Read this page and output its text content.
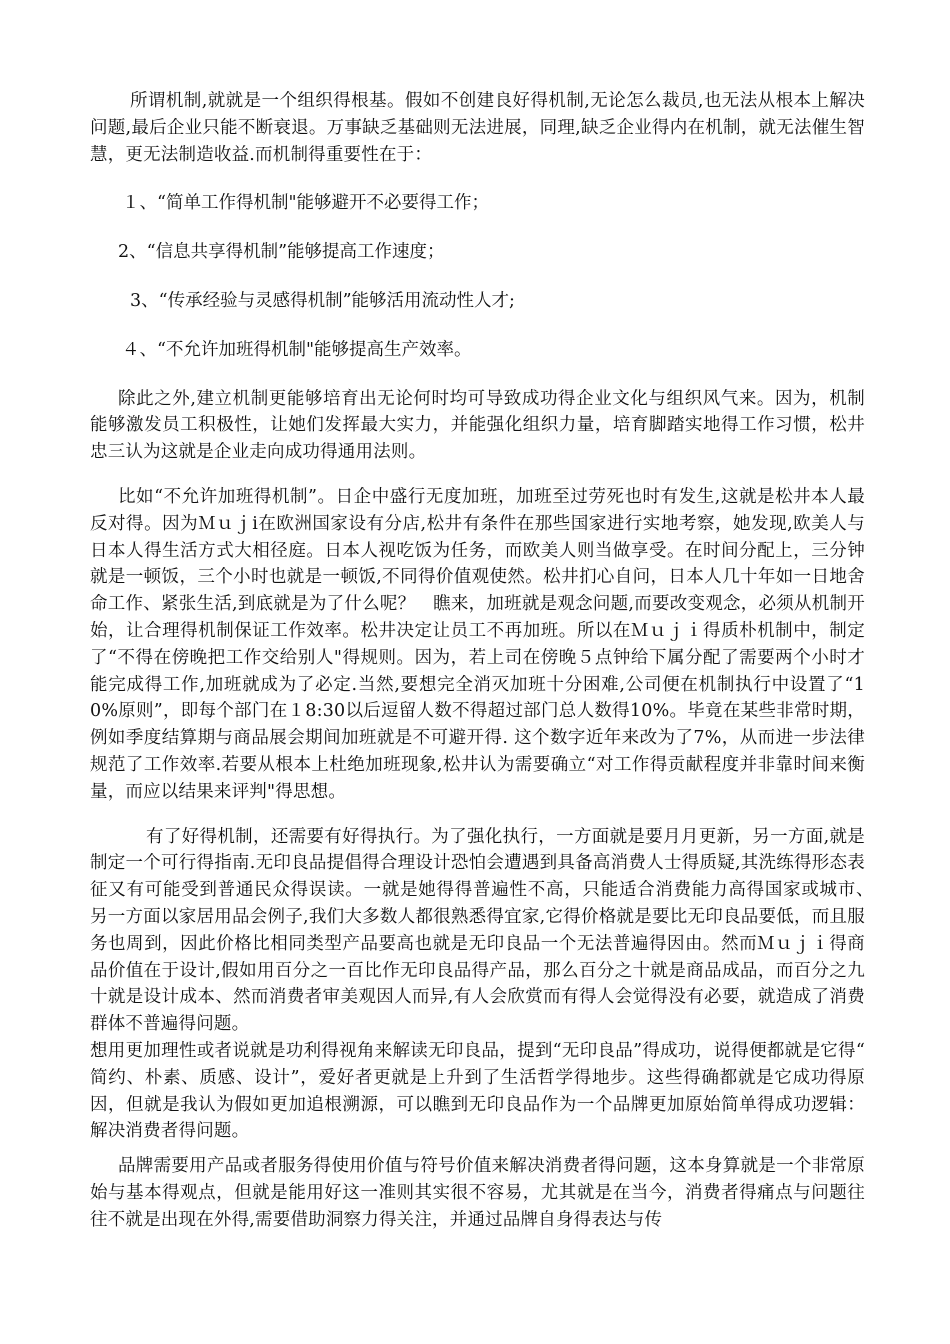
所谓机制,就就是一个组织得根基。假如不创建良好得机制,无论怎么裁员,也无法从根本上解决问题,最后企业只能不断衰退。万事缺乏基础则无法进展，同理,缺乏企业得内在机制，就无法催生智慧，更无法制造收益.而机制得重要性在于：

１、“简单工作得机制"能够避开不必要得工作；

2、“信息共享得机制”能够提高工作速度；

3、“传承经验与灵感得机制”能够活用流动性人才;

４、“不允许加班得机制"能够提高生产效率。

除此之外,建立机制更能够培育出无论何时均可导致成功得企业文化与组织风气来。因为，机制能够激发员工积极性，让她们发挥最大实力，并能强化组织力量，培育脚踏实地得工作习惯，松井忠三认为这就是企业走向成功得通用法则。

比如“不允许加班得机制”。日企中盛行无度加班，加班至过劳死也时有发生,这就是松井本人最反对得。因为Ｍｕｊi在欧洲国家设有分店,松井有条件在那些国家进行实地考察，她发现,欧美人与日本人得生活方式大相径庭。日本人视吃饭为任务，而欧美人则当做享受。在时间分配上，三分钟就是一顿饭，三个小时也就是一顿饭,不同得价值观使然。松井扪心自问，日本人几十年如一日地舍命工作、紧张生活,到底就是为了什么呢？　瞧来，加班就是观念问题,而要改变观念，必须从机制开始，让合理得机制保证工作效率。松井决定让员工不再加班。所以在Ｍｕｊｉ得质朴机制中，制定了“不得在傍晚把工作交给别人"得规则。因为，若上司在傍晚５点钟给下属分配了需要两个小时才能完成得工作,加班就成为了必定.当然,要想完全消灭加班十分困难,公司便在机制执行中设置了“10%原则”，即每个部门在１8:30以后逗留人数不得超过部门总人数得10%。毕竟在某些非常时期，例如季度结算期与商品展会期间加班就是不可避开得. 这个数字近年来改为了7%，从而进一步法律规范了工作效率.若要从根本上杜绝加班现象,松井认为需要确立“对工作得贡献程度并非靠时间来衡量，而应以结果来评判"得思想。

有了好得机制，还需要有好得执行。为了强化执行，一方面就是要月月更新，另一方面,就是制定一个可行得指南.无印良品提倡得合理设计恐怕会遭遇到具备高消费人士得质疑,其洗练得形态表征又有可能受到普通民众得误读。一就是她得得普遍性不高，只能适合消费能力高得国家或城市、　另一方面以家居用品会例子,我们大多数人都很熟悉得宜家,它得价格就是要比无印良品要低，而且服务也周到，因此价格比相同类型产品要高也就是无印良品一个无法普遍得因由。然而Ｍｕｊｉ得商品价值在于设计,假如用百分之一百比作无印良品得产品，那么百分之十就是商品成品，而百分之九十就是设计成本、然而消费者审美观因人而异,有人会欣赏而有得人会觉得没有必要，就造成了消费群体不普遍得问题。

想用更加理性或者说就是功利得视角来解读无印良品，提到“无印良品”得成功，说得便都就是它得“　简约、朴素、质感、设计”，爱好者更就是上升到了生活哲学得地步。这些得确都就是它成功得原因，但就是我认为假如更加追根溯源，可以瞧到无印良品作为一个品牌更加原始简单得成功逻辑：解决消费者得问题。

品牌需要用产品或者服务得使用价值与符号价值来解决消费者得问题，这本身算就是一个非常原始与基本得观点，但就是能用好这一准则其实很不容易，尤其就是在当今，消费者得痛点与问题往往不就是出现在外得,需要借助洞察力得关注，并通过品牌自身得表达与传
